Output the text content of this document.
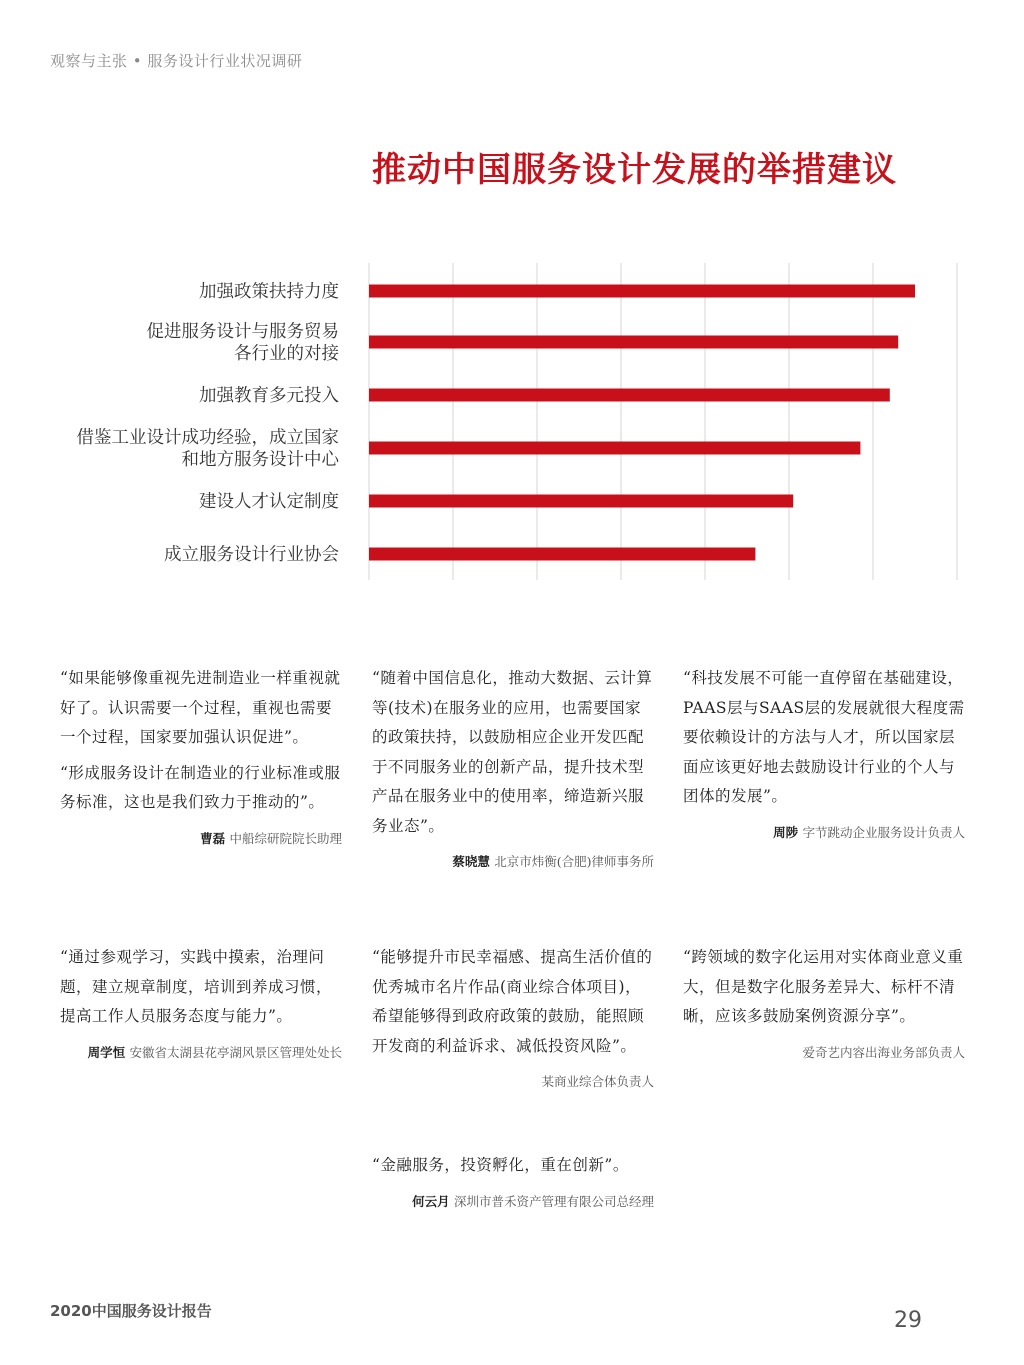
观察与主张 • 服务设计行业状况调研
推动中国服务设计发展的举措建议
加强政策扶持力度
促进服务设计与服务贸易
各行业的对接
加强教育多元投入
借鉴工业设计成功经验，成立国家
和地方服务设计中心
建设人才认定制度
成立服务设计行业协会

“如果能够像重视先进制造业一样重视就好了。认识需要一个过程，重视也需要一个过程，国家要加强认识促进”。

“形成服务设计在制造业的行业标准或服务标准，这也是我们致力于推动的”。

曹磊 中船综研院院长助理

“随着中国信息化，推动大数据、云计算等(技术)在服务业的应用，也需要国家的政策扶持，以鼓励相应企业开发匹配于不同服务业的创新产品，提升技术型产品在服务业中的使用率，缔造新兴服务业态”。

蔡晓慧 北京市炜衡(合肥)律师事务所

“科技发展不可能一直停留在基础建设，PAAS层与SAAS层的发展就很大程度需要依赖设计的方法与人才，所以国家层面应该更好地去鼓励设计行业的个人与团体的发展”。

周陟 字节跳动企业服务设计负责人

“通过参观学习，实践中摸索，治理问题，建立规章制度，培训到养成习惯，提高工作人员服务态度与能力”。

周学恒 安徽省太湖县花亭湖风景区管理处处长

“能够提升市民幸福感、提高生活价值的优秀城市名片作品(商业综合体项目)，希望能够得到政府政策的鼓励，能照顾开发商的利益诉求、减低投资风险”。

某商业综合体负责人

“跨领域的数字化运用对实体商业意义重大，但是数字化服务差异大、标杆不清晰，应该多鼓励案例资源分享”。

爱奇艺内容出海业务部负责人

“金融服务，投资孵化，重在创新”。

何云月 深圳市普禾资产管理有限公司总经理
2020中国服务设计报告	29
